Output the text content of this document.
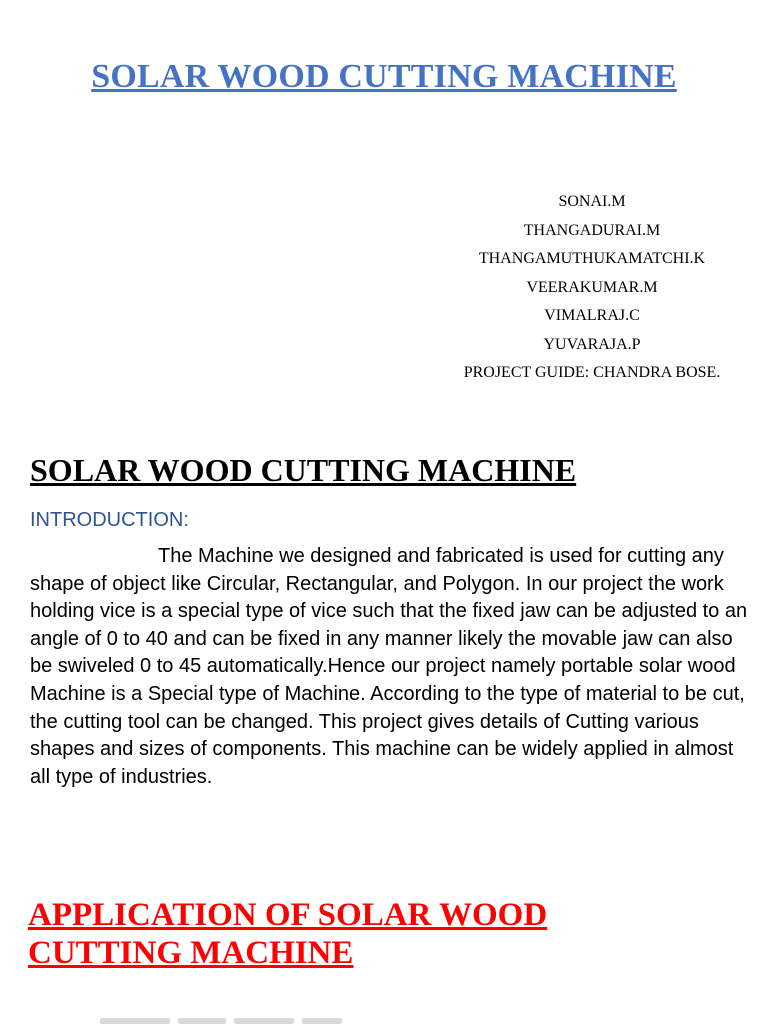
SOLAR WOOD CUTTING MACHINE
SONAI.M
THANGADURAI.M
THANGAMUTHUKAMATCHI.K
VEERAKUMAR.M
VIMALRAJ.C
YUVARAJA.P
PROJECT GUIDE: CHANDRA BOSE.
SOLAR WOOD CUTTING MACHINE
INTRODUCTION:

The Machine we designed and fabricated is used for cutting any shape of object like Circular, Rectangular, and Polygon. In our project the work holding vice is a special type of vice such that the fixed jaw can be adjusted to an angle of 0 to 40 and can be fixed in any manner likely the movable jaw can also be swiveled 0 to 45 automatically.Hence our project namely portable solar wood Machine is a Special type of Machine. According to the type of material to be cut, the cutting tool can be changed. This project gives details of Cutting various shapes and sizes of components. This machine can be widely applied in almost all type of industries.

APPLICATION OF SOLAR WOOD
CUTTING MACHINE
